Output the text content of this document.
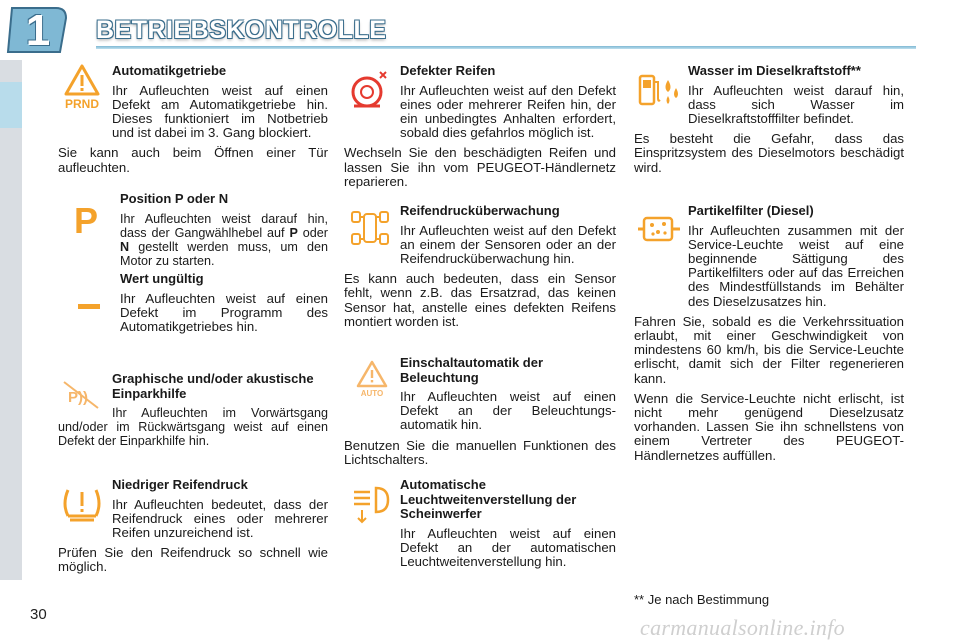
1	BETRIEBSKONTROLLE
PRND
Automatikgetriebe

Ihr Aufleuchten weist auf einen Defekt am Automatikgetriebe hin. Dieses funktioniert im Notbetrieb und ist dabei im 3. Gang blockiert.

Sie kann auch beim Öffnen einer Tür aufleuchten.

P
Position P oder N

Ihr Aufleuchten weist darauf hin, dass der Gangwählhebel auf P oder N gestellt werden muss, um den Motor zu starten.

Wert ungültig

Ihr Aufleuchten weist auf einen Defekt im Programm des Automatikgetriebes hin.

P))
Graphische und/oder akustische Einparkhilfe

Ihr Aufleuchten im Vorwärtsgang und/oder im Rückwärtsgang weist auf einen Defekt der Einparkhilfe hin.

Niedriger Reifendruck

Ihr Aufleuchten bedeutet, dass der Reifendruck eines oder mehrerer Reifen unzureichend ist.

Prüfen Sie den Reifendruck so schnell wie möglich.

Defekter Reifen

Ihr Aufleuchten weist auf den Defekt eines oder mehrerer Reifen hin, der ein unbedingtes Anhalten erfordert, sobald dies gefahrlos möglich ist.

Wechseln Sie den beschädigten Reifen und lassen Sie ihn vom PEUGEOT-Händlernetz reparieren.

Reifendrucküberwachung

Ihr Aufleuchten weist auf den Defekt an einem der Sensoren oder an der Reifendrucküberwachung hin.

Es kann auch bedeuten, dass ein Sensor fehlt, wenn z.B. das Ersatzrad, das keinen Sensor hat, anstelle eines defekten Reifens montiert worden ist.

AUTO
Einschaltautomatik der Beleuchtung

Ihr Aufleuchten weist auf einen Defekt an der Beleuchtungs-automatik hin.

Benutzen Sie die manuellen Funktionen des Lichtschalters.

Automatische Leuchtweitenverstellung der Scheinwerfer

Ihr Aufleuchten weist auf einen Defekt an der automatischen Leuchtweitenverstellung hin.

Wasser im Dieselkraftstoff**

Ihr Aufleuchten weist darauf hin, dass sich Wasser im Dieselkraftstofffilter befindet.

Es besteht die Gefahr, dass das Einspritzsystem des Dieselmotors beschädigt wird.

Partikelfilter (Diesel)

Ihr Aufleuchten zusammen mit der Service-Leuchte weist auf eine beginnende Sättigung des Partikelfilters oder auf das Erreichen des Mindestfüllstands im Behälter des Dieselzusatzes hin.

Fahren Sie, sobald es die Verkehrssituation erlaubt, mit einer Geschwindigkeit von mindestens 60 km/h, bis die Service-Leuchte erlischt, damit sich der Filter regenerieren kann.

Wenn die Service-Leuchte nicht erlischt, ist nicht mehr genügend Dieselzusatz vorhanden. Lassen Sie ihn schnellstens von einem Vertreter des PEUGEOT-Händlernetzes auffüllen.

** Je nach Bestimmung
30
carmanualsonline.info
